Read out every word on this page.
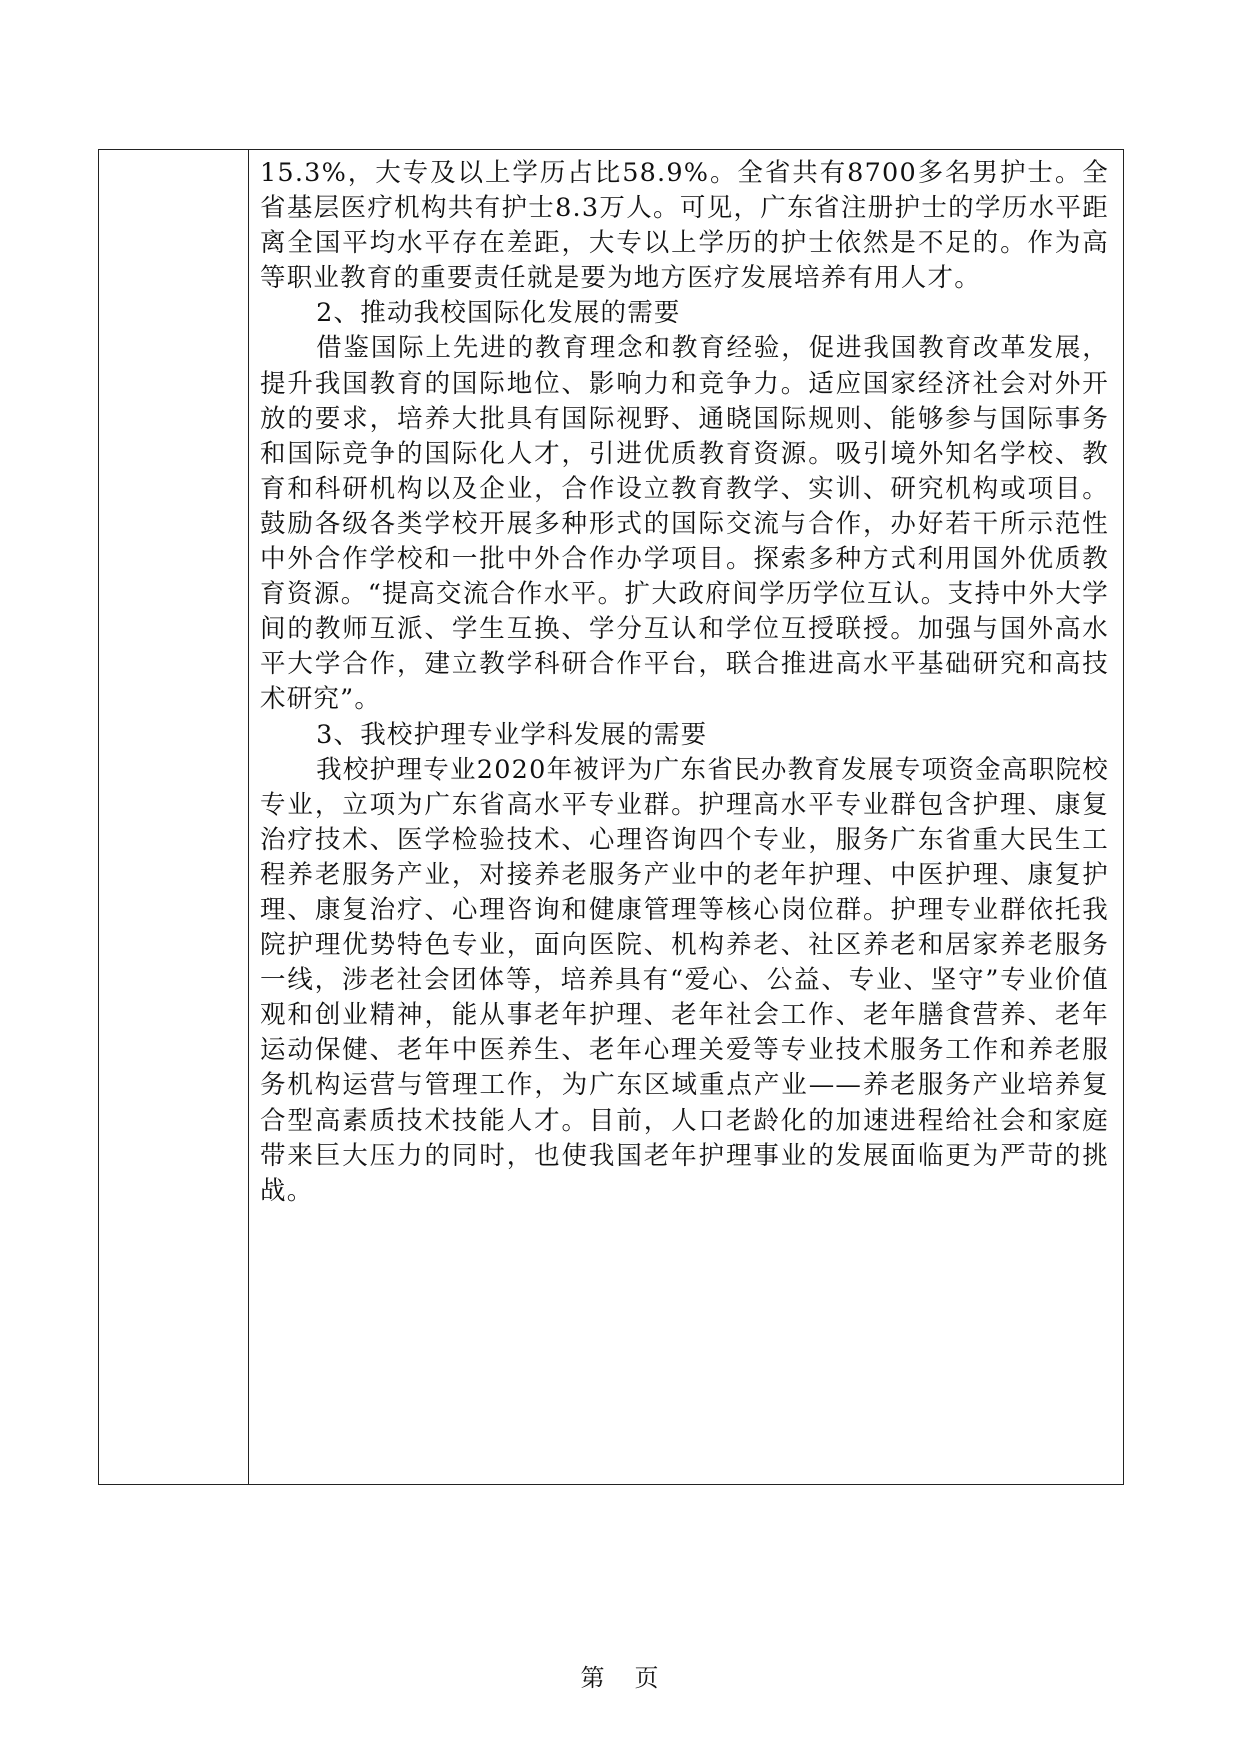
15.3%，大专及以上学历占比58.9%。全省共有8700多名男护士。全省基层医疗机构共有护士8.3万人。可见，广东省注册护士的学历水平距离全国平均水平存在差距，大专以上学历的护士依然是不足的。作为高等职业教育的重要责任就是要为地方医疗发展培养有用人才。

2、推动我校国际化发展的需要

借鉴国际上先进的教育理念和教育经验，促进我国教育改革发展，提升我国教育的国际地位、影响力和竞争力。适应国家经济社会对外开放的要求，培养大批具有国际视野、通晓国际规则、能够参与国际事务和国际竞争的国际化人才，引进优质教育资源。吸引境外知名学校、教育和科研机构以及企业，合作设立教育教学、实训、研究机构或项目。鼓励各级各类学校开展多种形式的国际交流与合作，办好若干所示范性中外合作学校和一批中外合作办学项目。探索多种方式利用国外优质教育资源。“提高交流合作水平。扩大政府间学历学位互认。支持中外大学间的教师互派、学生互换、学分互认和学位互授联授。加强与国外高水平大学合作，建立教学科研合作平台，联合推进高水平基础研究和高技术研究”。

3、我校护理专业学科发展的需要

我校护理专业2020年被评为广东省民办教育发展专项资金高职院校专业，立项为广东省高水平专业群。护理高水平专业群包含护理、康复治疗技术、医学检验技术、心理咨询四个专业，服务广东省重大民生工程养老服务产业，对接养老服务产业中的老年护理、中医护理、康复护理、康复治疗、心理咨询和健康管理等核心岗位群。护理专业群依托我院护理优势特色专业，面向医院、机构养老、社区养老和居家养老服务一线，涉老社会团体等，培养具有“爱心、公益、专业、坚守”专业价值观和创业精神，能从事老年护理、老年社会工作、老年膳食营养、老年运动保健、老年中医养生、老年心理关爱等专业技术服务工作和养老服务机构运营与管理工作，为广东区域重点产业——养老服务产业培养复合型高素质技术技能人才。目前，人口老龄化的加速进程给社会和家庭带来巨大压力的同时，也使我国老年护理事业的发展面临更为严苛的挑战。

第 页
